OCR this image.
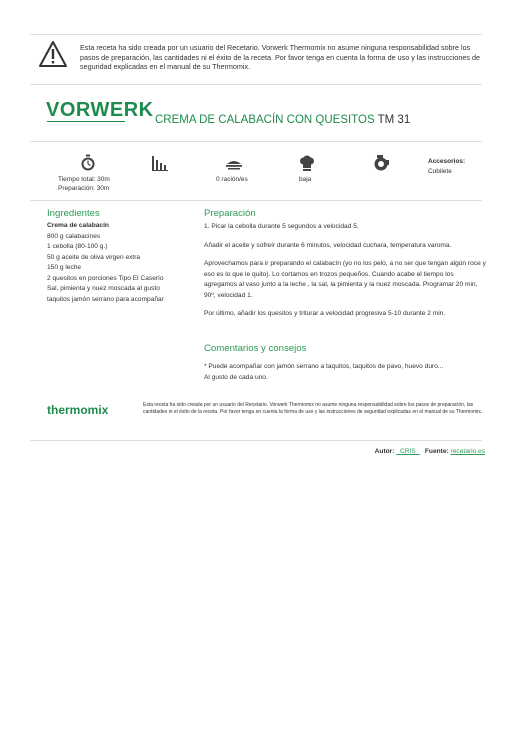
Esta receta ha sido creada por un usuario del Recetario. Vorwerk Thermomix no asume ninguna responsabilidad sobre los pasos de preparación, las cantidades ni el éxito de la receta. Por favor tenga en cuenta la forma de uso y las instrucciones de seguridad explicadas en el manual de su Thermomix.
VORWERK CREMA DE CALABACÍN CON QUESITOS TM 31
Tiempo total: 30m
Preparación: 30m
0 ración/es	baja
Accesorios:
Cubilete
Ingredientes
Crema de calabacín
800 g calabacines
1 cebolla (80-100 g.)
50 g aceite de oliva virgen extra
150 g leche
2 quesitos en porciones Tipo El Caserío
Sal, pimienta y nuez moscada al gusto
taquitos jamón serrano para acompañar
Preparación

1. Picar la cebolla durante 5 segundos a velocidad 5.

Añadir el aceite y sofreír durante 6 minutos, velocidad cuchara, temperatura varoma.

Aprovechamos para ir preparando el calabacín (yo no los pelo, a no ser que tengan algún roce y eso es lo que le quito). Lo cortamos en trozos pequeños. Cuando acabe el tiempo los agregamos al vaso junto a la leche , la sal, la pimienta y la nuez moscada. Programar 20 min, 90º, velocidad 1.

Por último, añadir los quesitos y triturar a velocidad progresiva 5-10 durante 2 min.

Comentarios y consejos
* Puede acompañar con jamón serrano a taquitos, taquitos de pavo, huevo duro...
Al gusto de cada uno.
thermomix	Esta receta ha sido creada por un usuario del Recetario. Vorwerk Thermomix no asume ninguna responsabilidad sobre los pasos de preparación, las cantidades ni el éxito de la receta. Por favor tenga en cuenta la forma de uso y las instrucciones de seguridad explicadas en el manual de su Thermomix.
Autor: _CRIS_ Fuente: recetario.es
